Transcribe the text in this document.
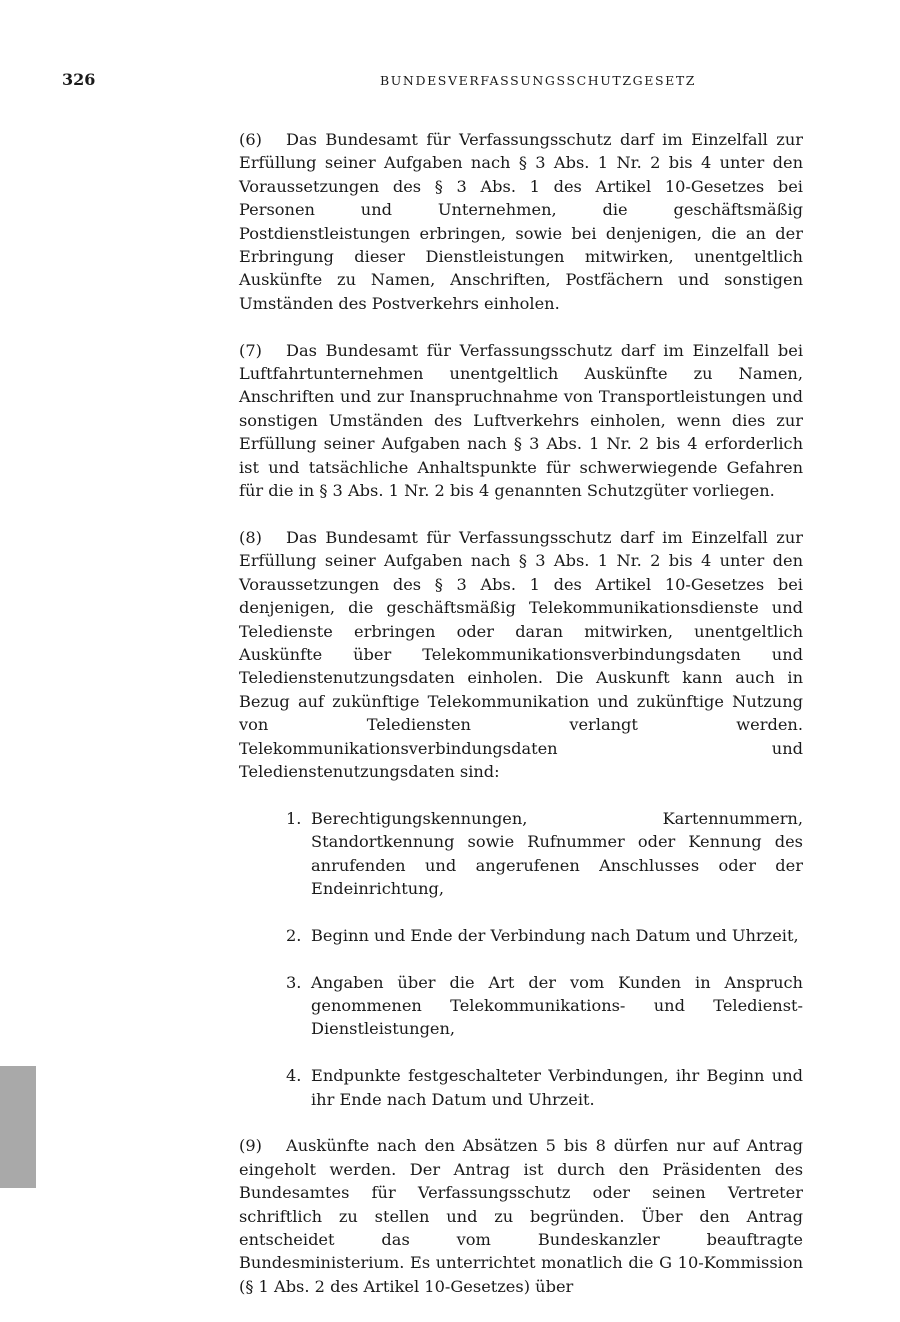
326	BUNDESVERFASSUNGSSCHUTZGESETZ

(6) Das Bundesamt für Verfassungsschutz darf im Einzelfall zur Erfüllung seiner Aufgaben nach § 3 Abs. 1 Nr. 2 bis 4 unter den Voraussetzungen des § 3 Abs. 1 des Artikel 10-Gesetzes bei Personen und Unternehmen, die geschäftsmäßig Postdienstleistungen erbringen, sowie bei denjenigen, die an der Erbringung dieser Dienstleistungen mitwirken, unentgeltlich Auskünfte zu Namen, Anschriften, Postfächern und sonstigen Umständen des Postverkehrs einholen.

(7) Das Bundesamt für Verfassungsschutz darf im Einzelfall bei Luftfahrtunternehmen unentgeltlich Auskünfte zu Namen, Anschriften und zur Inanspruchnahme von Transportleistungen und sonstigen Umständen des Luftverkehrs einholen, wenn dies zur Erfüllung seiner Aufgaben nach § 3 Abs. 1 Nr. 2 bis 4 erforderlich ist und tatsächliche Anhaltspunkte für schwerwiegende Gefahren für die in § 3 Abs. 1 Nr. 2 bis 4 genannten Schutzgüter vorliegen.

(8) Das Bundesamt für Verfassungsschutz darf im Einzelfall zur Erfüllung seiner Aufgaben nach § 3 Abs. 1 Nr. 2 bis 4 unter den Voraussetzungen des § 3 Abs. 1 des Artikel 10-Gesetzes bei denjenigen, die geschäftsmäßig Telekommunikationsdienste und Teledienste erbringen oder daran mitwirken, unentgeltlich Auskünfte über Telekommunikationsverbindungsdaten und Teledienstenutzungsdaten einholen. Die Auskunft kann auch in Bezug auf zukünftige Telekommunikation und zukünftige Nutzung von Telediensten verlangt werden. Telekommunikationsverbindungsdaten und Teledienstenutzungsdaten sind:

1. Berechtigungskennungen, Kartennummern, Standortkennung sowie Rufnummer oder Kennung des anrufenden und angerufenen Anschlusses oder der Endeinrichtung,
2. Beginn und Ende der Verbindung nach Datum und Uhrzeit,
3. Angaben über die Art der vom Kunden in Anspruch genommenen Telekommunikations- und Teledienst-Dienstleistungen,
4. Endpunkte festgeschalteter Verbindungen, ihr Beginn und ihr Ende nach Datum und Uhrzeit.

(9) Auskünfte nach den Absätzen 5 bis 8 dürfen nur auf Antrag eingeholt werden. Der Antrag ist durch den Präsidenten des Bundesamtes für Verfassungsschutz oder seinen Vertreter schriftlich zu stellen und zu begründen. Über den Antrag entscheidet das vom Bundeskanzler beauftragte Bundesministerium. Es unterrichtet monatlich die G 10-Kommission (§ 1 Abs. 2 des Artikel 10-Gesetzes) über
